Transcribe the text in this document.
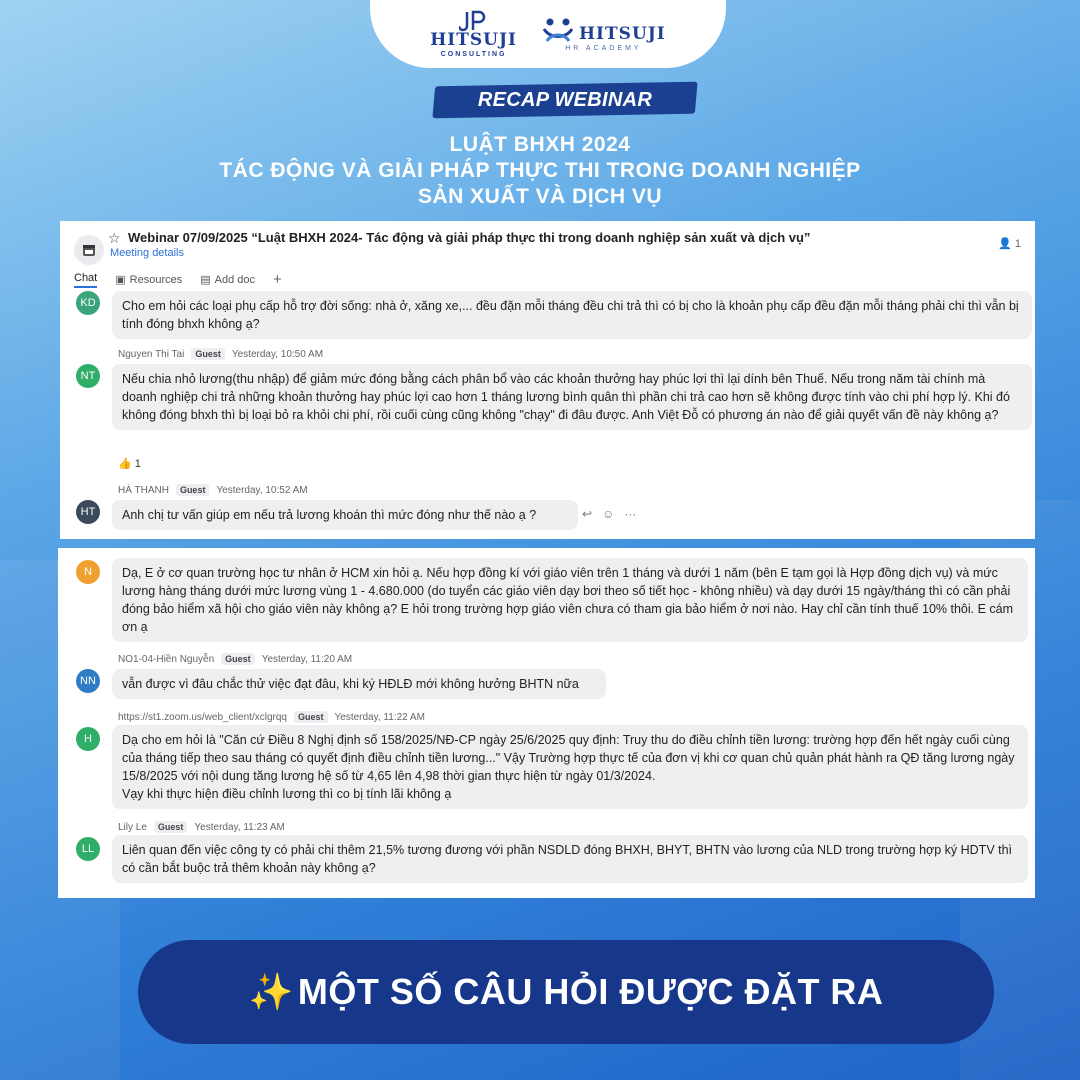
HITSUJI
CONSULTING
HITSUJI
HR ACADEMY
RECAP WEBINAR
LUẬT BHXH 2024
TÁC ĐỘNG VÀ GIẢI PHÁP THỰC THI TRONG DOANH NGHIỆP
SẢN XUẤT VÀ DỊCH VỤ
☆ Webinar 07/09/2025 “Luật BHXH 2024- Tác động và giải pháp thực thi trong doanh nghiệp sản xuất và dịch vụ”
Meeting details
👤 1
Chat ▣ Resources ▤ Add doc +
KD	Cho em hỏi các loại phụ cấp hỗ trợ đời sống: nhà ở, xăng xe,... đều đặn mỗi tháng đều chi trả thì có bị cho là khoản phụ cấp đều đặn mỗi tháng phải chi thì vẫn bị tính đóng bhxh không ạ?
Nguyen Thi Tai	Guest	Yesterday, 10:50 AM
NT	Nếu chia nhỏ lương(thu nhập) để giảm mức đóng bằng cách phân bổ vào các khoản thưởng hay phúc lợi thì lại dính bên Thuế. Nếu trong năm tài chính mà doanh nghiệp chi trả những khoản thưởng hay phúc lợi cao hơn 1 tháng lương bình quân thì phần chi trả cao hơn sẽ không được tính vào chi phí hợp lý. Khi đó không đóng bhxh thì bị loại bỏ ra khỏi chi phí, rồi cuối cùng cũng không "chạy" đi đâu được. Anh Việt Đỗ có phương án nào để giải quyết vấn đề này không ạ?
👍 1
HÀ THANH	Guest	Yesterday, 10:52 AM
HT	Anh chị tư vấn giúp em nếu trả lương khoán thì mức đóng như thế nào ạ ?	↩ ☺ ···
N	Dạ, E ở cơ quan trường học tư nhân ở HCM xin hỏi ạ. Nếu hợp đồng kí với giáo viên trên 1 tháng và dưới 1 năm (bên E tạm gọi là Hợp đồng dịch vụ) và mức lương hàng tháng dưới mức lương vùng 1 - 4.680.000 (do tuyển các giáo viên dạy bơi theo số tiết học - không nhiều) và dạy dưới 15 ngày/tháng thì có cần phải đóng bảo hiểm xã hội cho giáo viên này không ạ? E hỏi trong trường hợp giáo viên chưa có tham gia bảo hiểm ở nơi nào. Hay chỉ cần tính thuế 10% thôi. E cám ơn ạ
NO1-04-Hiền Nguyễn	Guest	Yesterday, 11:20 AM
NN	vẫn được vì đâu chắc thử việc đạt đâu, khi ký HĐLĐ mới không hưởng BHTN nữa
https://st1.zoom.us/web_client/xclgrqq	Guest	Yesterday, 11:22 AM
H	Dạ cho em hỏi là "Căn cứ Điều 8 Nghị định số 158/2025/NĐ-CP ngày 25/6/2025 quy định: Truy thu do điều chỉnh tiền lương: trường hợp đến hết ngày cuối cùng của tháng tiếp theo sau tháng có quyết định điều chỉnh tiền lương..." Vậy Trường hợp thực tế của đơn vị khi cơ quan chủ quản phát hành ra QĐ tăng lương ngày 15/8/2025 với nội dung tăng lương hệ số từ 4,65 lên 4,98 thời gian thực hiện từ ngày 01/3/2024.
Vạy khi thực hiện điều chỉnh lương thì co bị tính lãi không ạ
Lily Le	Guest	Yesterday, 11:23 AM
LL	Liên quan đến việc công ty có phải chi thêm 21,5% tương đương với phần NSDLD đóng BHXH, BHYT, BHTN vào lương của NLD trong trường hợp ký HDTV thì có cần bắt buộc trả thêm khoản này không ạ?
✨ MỘT SỐ CÂU HỎI ĐƯỢC ĐẶT RA
